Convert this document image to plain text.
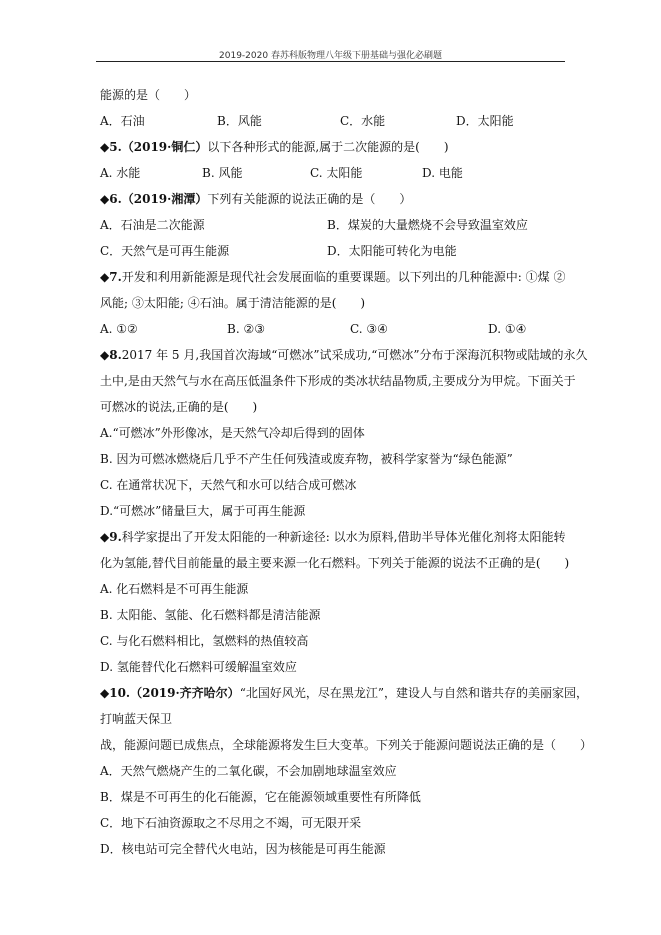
2019-2020 春苏科版物理八年级下册基础与强化必刷题
能源的是（　　）
A．石油	B．风能	C．水能	D．太阳能
◆5.（2019·铜仁）以下各种形式的能源,属于二次能源的是(　　)
A. 水能	B. 风能	C. 太阳能	D. 电能
◆6.（2019·湘潭）下列有关能源的说法正确的是（　　）
A．石油是二次能源	B．煤炭的大量燃烧不会导致温室效应
C．天然气是可再生能源	D．太阳能可转化为电能
◆7.开发和利用新能源是现代社会发展面临的重要课题。以下列出的几种能源中: ①煤 ②
风能; ③太阳能; ④石油。属于清洁能源的是(　　)
A. ①②	B. ②③	C. ③④	D. ①④
◆8.2017 年 5 月,我国首次海域“可燃冰”试采成功,“可燃冰”分布于深海沉积物或陆域的永久
土中,是由天然气与水在高压低温条件下形成的类冰状结晶物质,主要成分为甲烷。下面关于
可燃冰的说法,正确的是(　　)
A.“可燃冰”外形像冰，是天然气冷却后得到的固体
B. 因为可燃冰燃烧后几乎不产生任何残渣或废弃物，被科学家誉为“绿色能源”
C. 在通常状况下，天然气和水可以结合成可燃冰
D.“可燃冰”储量巨大，属于可再生能源
◆9.科学家提出了开发太阳能的一种新途径: 以水为原料,借助半导体光催化剂将太阳能转
化为氢能,替代目前能量的最主要来源一化石燃料。下列关于能源的说法不正确的是(　　)
A. 化石燃料是不可再生能源
B. 太阳能、氢能、化石燃料都是清洁能源
C. 与化石燃料相比，氢燃料的热值较高
D. 氢能替代化石燃料可缓解温室效应
◆10.（2019·齐齐哈尔）“北国好风光，尽在黑龙江”，建设人与自然和谐共存的美丽家园，
打响蓝天保卫
战，能源问题已成焦点，全球能源将发生巨大变革。下列关于能源问题说法正确的是（　　）
A．天然气燃烧产生的二氧化碳，不会加剧地球温室效应
B．煤是不可再生的化石能源，它在能源领域重要性有所降低
C．地下石油资源取之不尽用之不竭，可无限开采
D．核电站可完全替代火电站，因为核能是可再生能源
